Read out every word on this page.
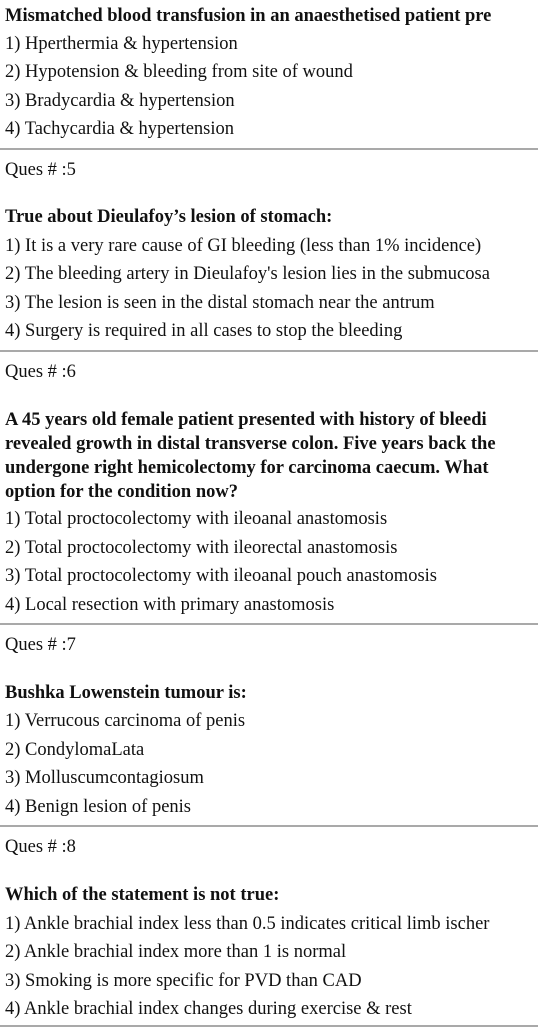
Mismatched blood transfusion in an anaesthetised patient pre
1) Hperthermia & hypertension
2) Hypotension & bleeding from site of wound
3) Bradycardia & hypertension
4) Tachycardia & hypertension
Ques # :5
True about Dieulafoy’s lesion of stomach:
1) It is a very rare cause of GI bleeding (less than 1% incidence)
2) The bleeding artery in Dieulafoy's lesion lies in the submucosa
3) The lesion is seen in the distal stomach near the antrum
4) Surgery is required in all cases to stop the bleeding
Ques # :6
A 45 years old female patient presented with history of bleedi
revealed growth in distal transverse colon. Five years back the
undergone right hemicolectomy for carcinoma caecum. What
option for the condition now?
1) Total proctocolectomy with ileoanal anastomosis
2) Total proctocolectomy with ileorectal anastomosis
3) Total proctocolectomy with ileoanal pouch anastomosis
4) Local resection with primary anastomosis
Ques # :7
Bushka Lowenstein tumour is:
1) Verrucous carcinoma of penis
2) CondylomaLata
3) Molluscumcontagiosum
4) Benign lesion of penis
Ques # :8
Which of the statement is not true:
1) Ankle brachial index less than 0.5 indicates critical limb ischer
2) Ankle brachial index more than 1 is normal
3) Smoking is more specific for PVD than CAD
4) Ankle brachial index changes during exercise & rest
